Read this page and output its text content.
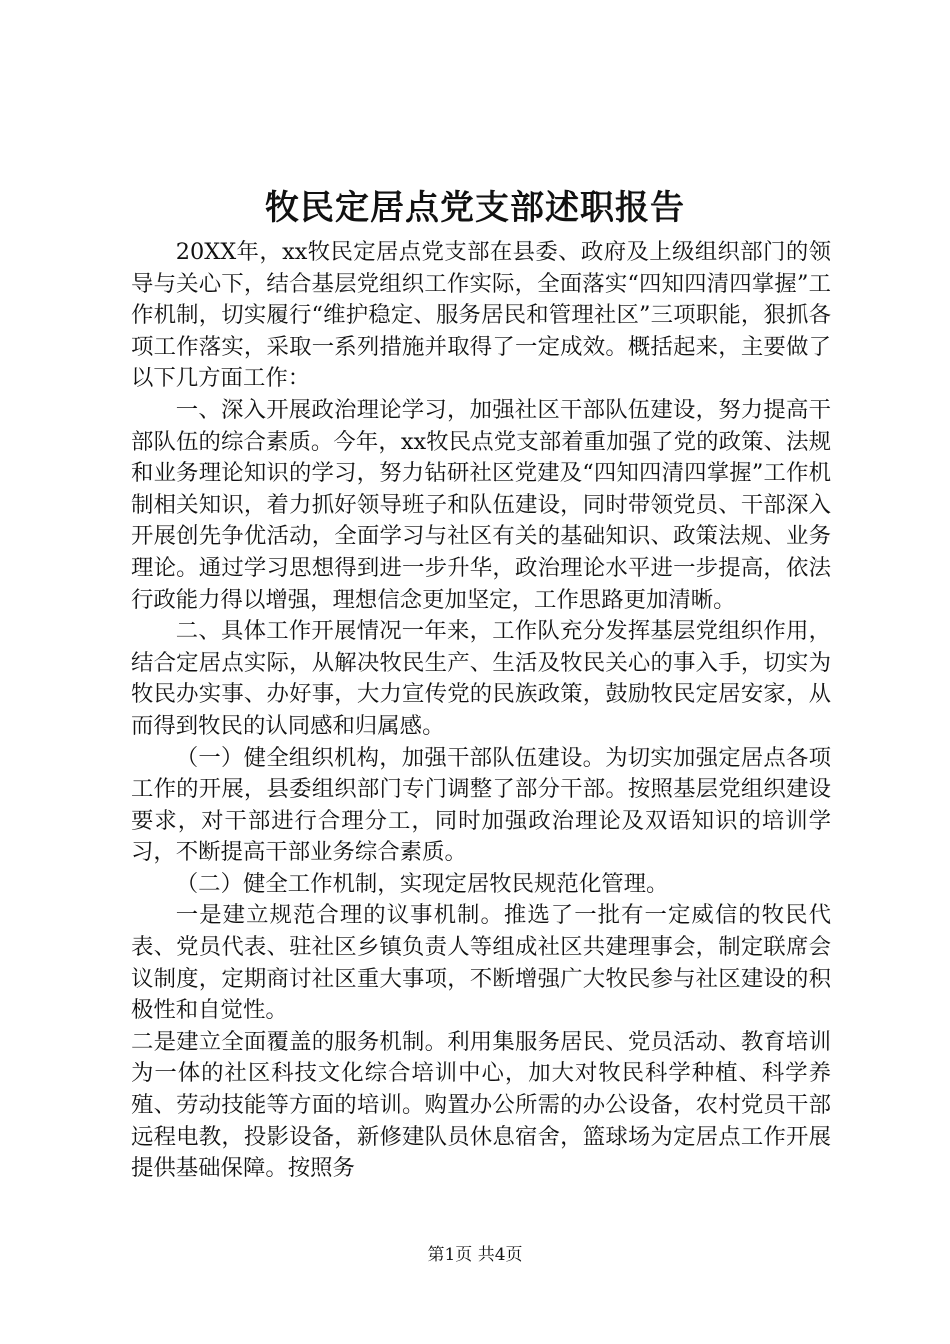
牧民定居点党支部述职报告

20XX年，xx牧民定居点党支部在县委、政府及上级组织部门的领导与关心下，结合基层党组织工作实际，全面落实“四知四清四掌握”工作机制，切实履行“维护稳定、服务居民和管理社区”三项职能，狠抓各项工作落实，采取一系列措施并取得了一定成效。概括起来，主要做了以下几方面工作：

一、深入开展政治理论学习，加强社区干部队伍建设，努力提高干部队伍的综合素质。今年，xx牧民点党支部着重加强了党的政策、法规和业务理论知识的学习，努力钻研社区党建及“四知四清四掌握”工作机制相关知识，着力抓好领导班子和队伍建设，同时带领党员、干部深入开展创先争优活动，全面学习与社区有关的基础知识、政策法规、业务理论。通过学习思想得到进一步升华，政治理论水平进一步提高，依法行政能力得以增强，理想信念更加坚定，工作思路更加清晰。

二、具体工作开展情况一年来，工作队充分发挥基层党组织作用，结合定居点实际，从解决牧民生产、生活及牧民关心的事入手，切实为牧民办实事、办好事，大力宣传党的民族政策，鼓励牧民定居安家，从而得到牧民的认同感和归属感。

（一）健全组织机构，加强干部队伍建设。为切实加强定居点各项工作的开展，县委组织部门专门调整了部分干部。按照基层党组织建设要求，对干部进行合理分工，同时加强政治理论及双语知识的培训学习，不断提高干部业务综合素质。

（二）健全工作机制，实现定居牧民规范化管理。

一是建立规范合理的议事机制。推选了一批有一定威信的牧民代表、党员代表、驻社区乡镇负责人等组成社区共建理事会，制定联席会议制度，定期商讨社区重大事项，不断增强广大牧民参与社区建设的积极性和自觉性。

二是建立全面覆盖的服务机制。利用集服务居民、党员活动、教育培训为一体的社区科技文化综合培训中心，加大对牧民科学种植、科学养殖、劳动技能等方面的培训。购置办公所需的办公设备，农村党员干部远程电教，投影设备，新修建队员休息宿舍，篮球场为定居点工作开展提供基础保障。按照务

第1页 共4页
